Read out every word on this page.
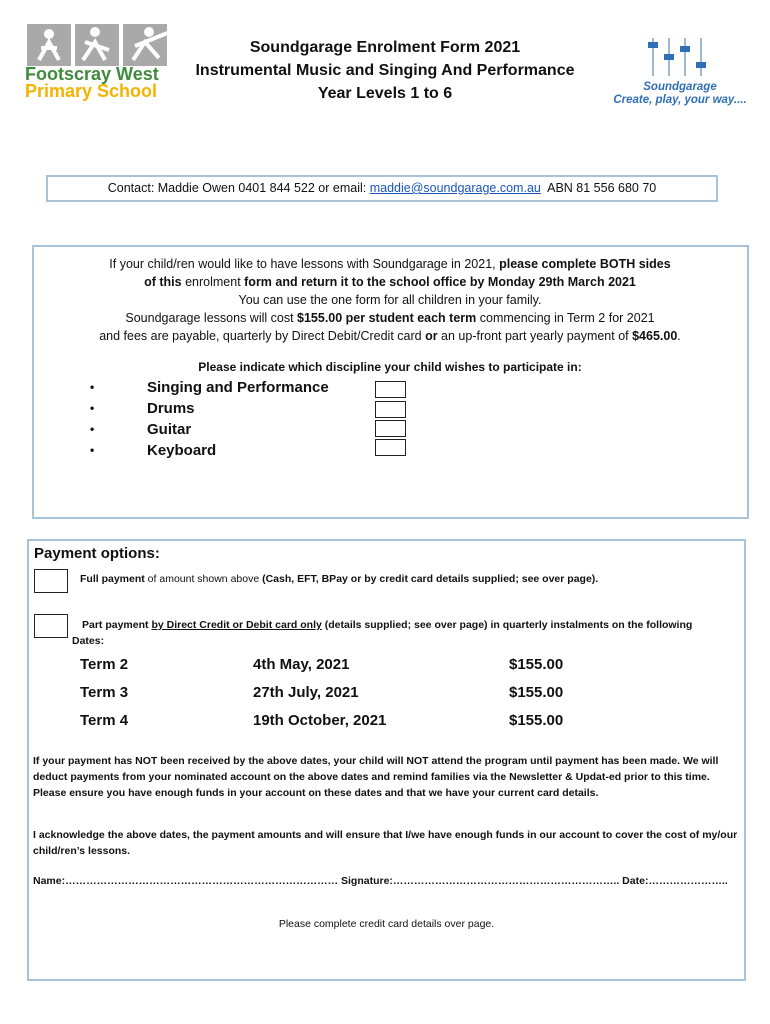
Footscray West
Primary School
Soundgarage Enrolment Form 2021
Instrumental Music and Singing And Performance
Year Levels 1 to 6	Soundgarage
Create, play, your way....
Contact: Maddie Owen 0401 844 522 or email: maddie@soundgarage.com.au  ABN 81 556 680 70
If your child/ren would like to have lessons with Soundgarage in 2021, please complete BOTH sides
of this enrolment form and return it to the school office by Monday 29th March 2021
You can use the one form for all children in your family.
Soundgarage lessons will cost $155.00 per student each term commencing in Term 2 for 2021
and fees are payable, quarterly by Direct Debit/Credit card or an up-front part yearly payment of $465.00.
Please indicate which discipline your child wishes to participate in:
•	Singing and Performance
•	Drums
•	Guitar
•	Keyboard
Payment options:
Full payment of amount shown above (Cash, EFT, BPay or by credit card details supplied; see over page).
Part payment by Direct Credit or Debit card only (details supplied; see over page) in quarterly instalments on the following
Dates:
Term 2	4th May, 2021	$155.00
Term 3	27th July, 2021	$155.00
Term 4	19th October, 2021	$155.00
If your payment has NOT been received by the above dates, your child will NOT attend the program until payment has been made. We will deduct payments from your nominated account on the above dates and remind families via the Newsletter & Updat-ed prior to this time. Please ensure you have enough funds in your account on these dates and that we have your current card details.
I acknowledge the above dates, the payment amounts and will ensure that I/we have enough funds in our account to cover the cost of my/our child/ren’s lessons.
Name:…………………………………………………………………… Signature:……………………………………………………….. Date:…………………..
Please complete credit card details over page.
